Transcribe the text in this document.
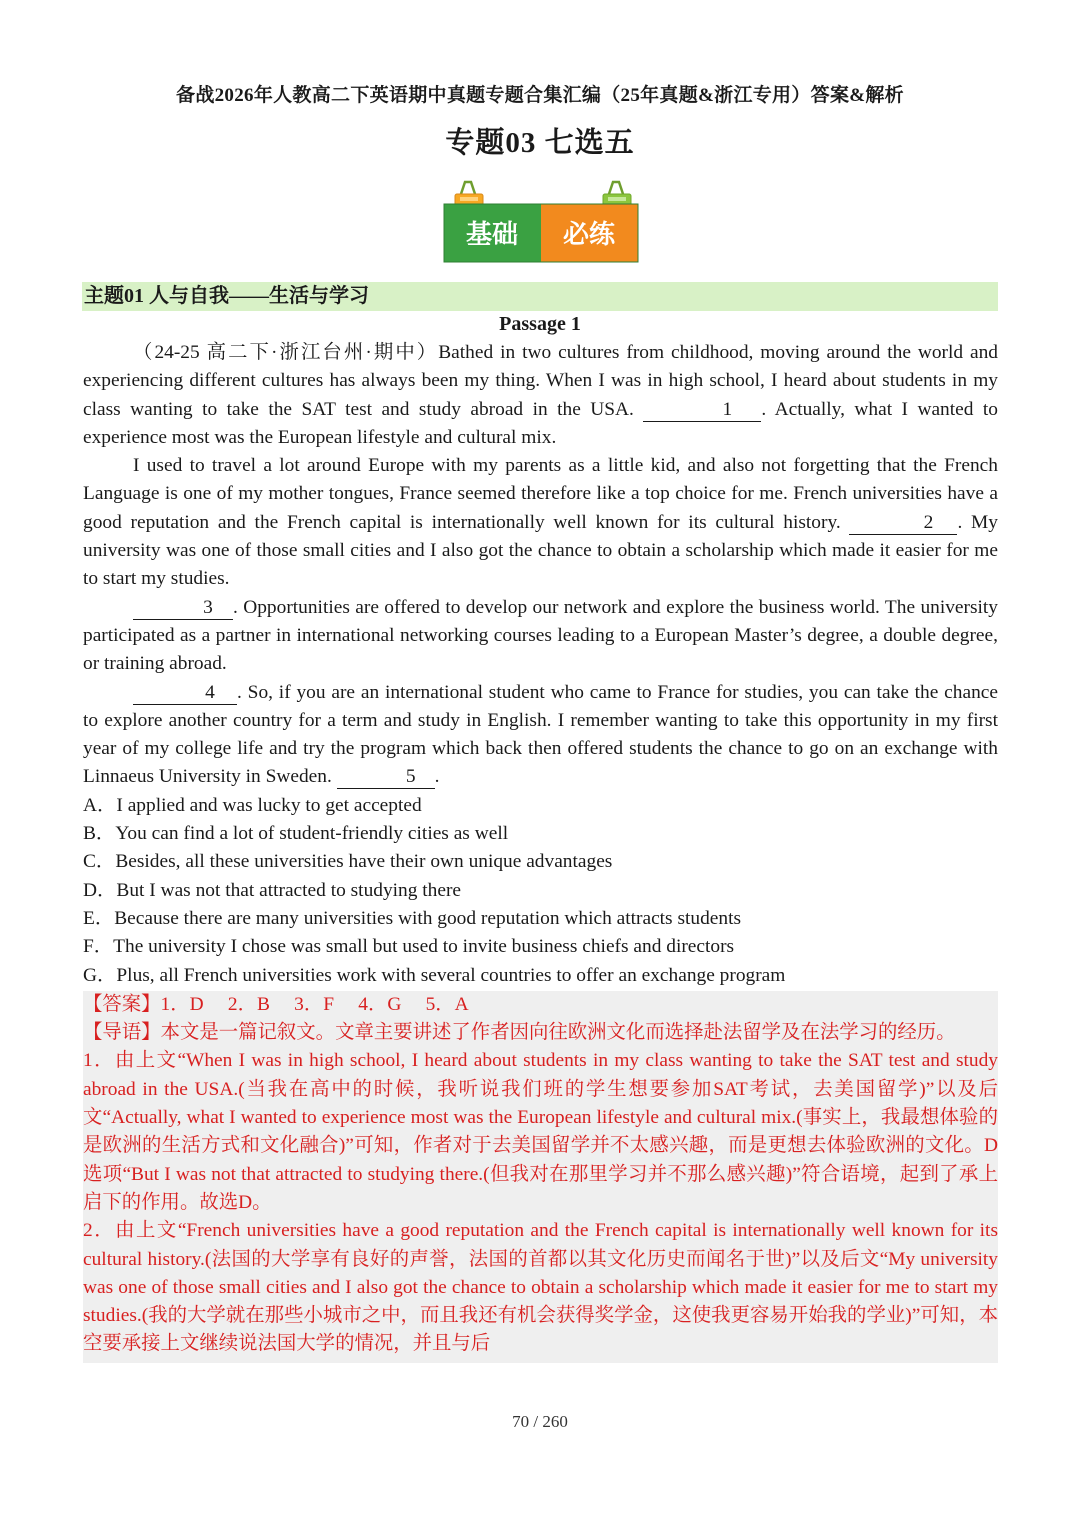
备战2026年人教高二下英语期中真题专题合集汇编（25年真题&浙江专用）答案&解析
专题03 七选五
基础 必练
主题01 人与自我——生活与学习
Passage 1

（24-25 高二下·浙江台州·期中）Bathed in two cultures from childhood, moving around the world and experiencing different cultures has always been my thing. When I was in high school, I heard about students in my class wanting to take the SAT test and study abroad in the USA.	1 . Actually, what I wanted to experience most was the European lifestyle and cultural mix.

I used to travel a lot around Europe with my parents as a little kid, and also not forgetting that the French Language is one of my mother tongues, France seemed therefore like a top choice for me. French universities have a good reputation and the French capital is internationally well known for its cultural history.	2 . My university was one of those small cities and I also got the chance to obtain a scholarship which made it easier for me to start my studies.

3 . Opportunities are offered to develop our network and explore the business world. The university participated as a partner in international networking courses leading to a European Master’s degree, a double degree, or training abroad.

4 . So, if you are an international student who came to France for studies, you can take the chance to explore another country for a term and study in English. I remember wanting to take this opportunity in my first year of my college life and try the program which back then offered students the chance to go on an exchange with Linnaeus University in Sweden.	5 .

A．I applied and was lucky to get accepted
B．You can find a lot of student-friendly cities as well
C．Besides, all these universities have their own unique advantages
D．But I was not that attracted to studying there
E．Because there are many universities with good reputation which attracts students
F．The university I chose was small but used to invite business chiefs and directors
G．Plus, all French universities work with several countries to offer an exchange program

【答案】1．D　 2．B　 3．F　 4．G　 5．A

【导语】本文是一篇记叙文。文章主要讲述了作者因向往欧洲文化而选择赴法留学及在法学习的经历。

1．由上文“When I was in high school, I heard about students in my class wanting to take the SAT test and study abroad in the USA.(当我在高中的时候，我听说我们班的学生想要参加SAT考试，去美国留学)”以及后文“Actually, what I wanted to experience most was the European lifestyle and cultural mix.(事实上，我最想体验的是欧洲的生活方式和文化融合)”可知，作者对于去美国留学并不太感兴趣，而是更想去体验欧洲的文化。D选项“But I was not that attracted to studying there.(但我对在那里学习并不那么感兴趣)”符合语境，起到了承上启下的作用。故选D。

2．由上文“French universities have a good reputation and the French capital is internationally well known for its cultural history.(法国的大学享有良好的声誉，法国的首都以其文化历史而闻名于世)”以及后文“My university was one of those small cities and I also got the chance to obtain a scholarship which made it easier for me to start my studies.(我的大学就在那些小城市之中，而且我还有机会获得奖学金，这使我更容易开始我的学业)”可知，本空要承接上文继续说法国大学的情况，并且与后

70 / 260
